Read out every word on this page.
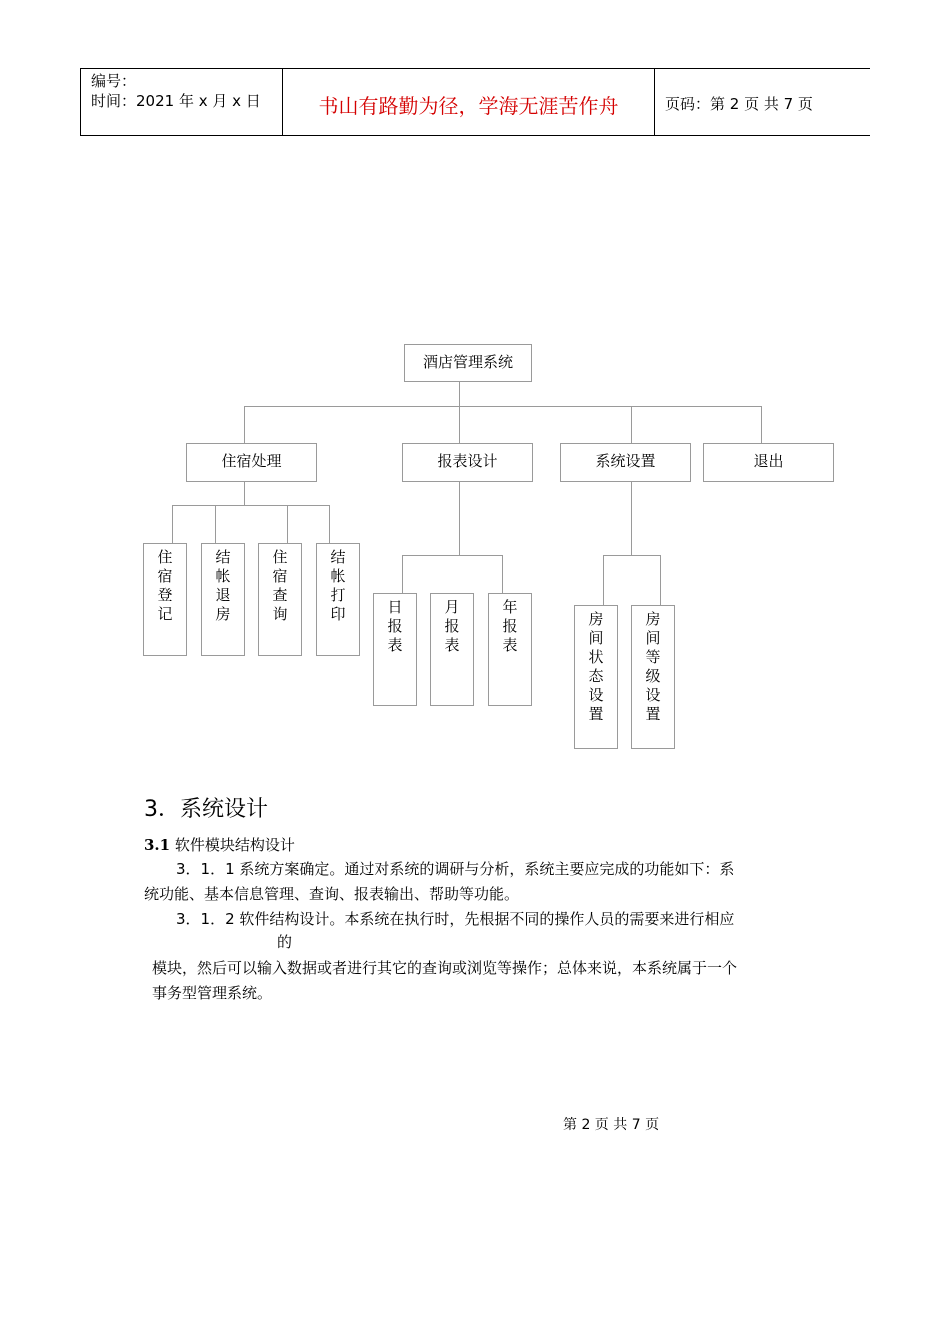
编号：
时间：2021 年 x 月 x 日	书山有路勤为径，学海无涯苦作舟	页码：第 2 页 共 7 页
酒店管理系统
住宿处理	报表设计	系统设置	退出
住宿登记
结帐退房
住宿查询
结帐打印	日报表
月报表
年报表
房间状态设置
房间等级设置
3．系统设计
3.1 软件模块结构设计
3．1．1 系统方案确定。通过对系统的调研与分析，系统主要应完成的功能如下：系
统功能、基本信息管理、查询、报表输出、帮助等功能。
3．1．2 软件结构设计。本系统在执行时，先根据不同的操作人员的需要来进行相应
的
模块，然后可以输入数据或者进行其它的查询或浏览等操作；总体来说，本系统属于一个
事务型管理系统。
第 2 页 共 7 页
